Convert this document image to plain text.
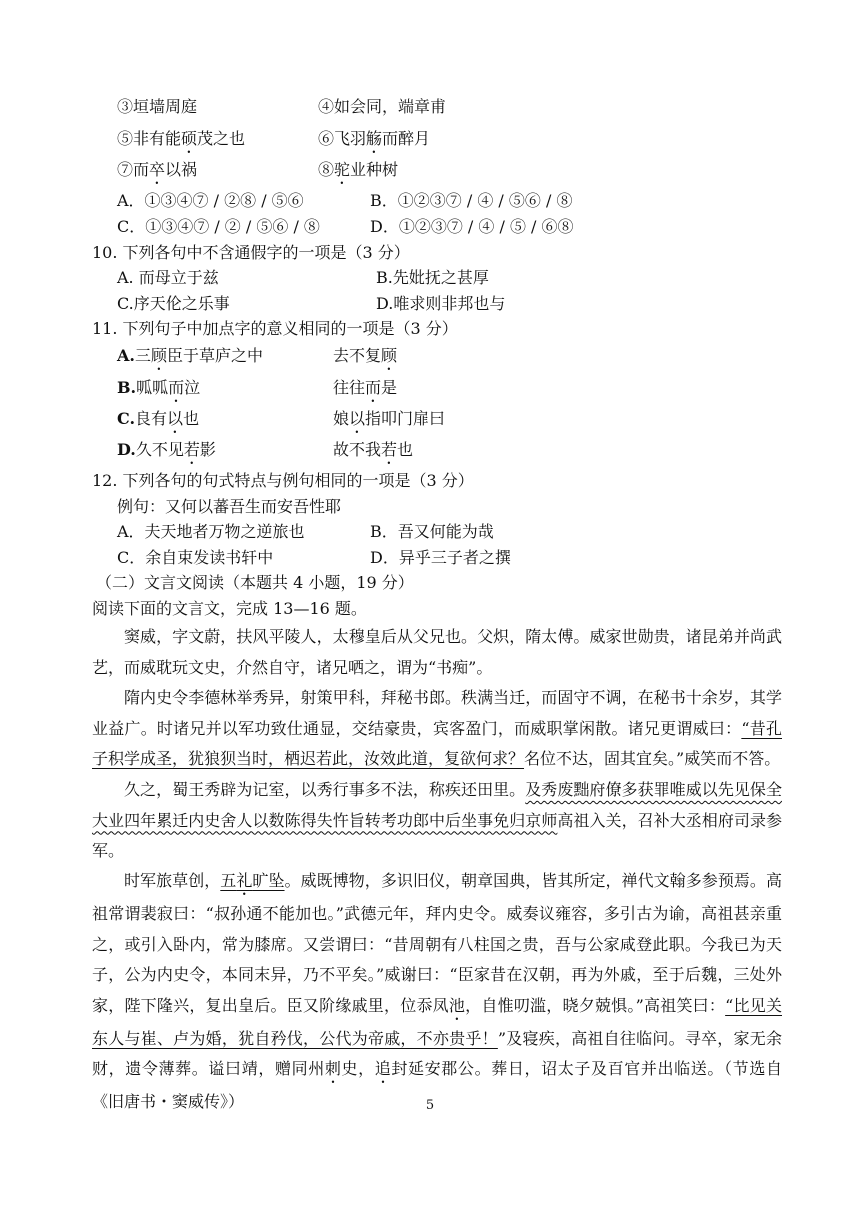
③垣墙周庭	④如会同，端章甫
⑤非有能硕茂之也	⑥飞羽觞而醉月
⑦而卒以祸	⑧驼业种树
A．①③④⑦ / ②⑧ / ⑤⑥	B．①②③⑦ / ④ / ⑤⑥ / ⑧
C．①③④⑦ / ② / ⑤⑥ / ⑧	D．①②③⑦ / ④ / ⑤ / ⑥⑧
10. 下列各句中不含通假字的一项是（3 分）
A. 而母立于兹	B.先妣抚之甚厚
C.序天伦之乐事	D.唯求则非邦也与
11. 下列句子中加点字的意义相同的一项是（3 分）
A.三顾臣于草庐之中	去不复顾
B.呱呱而泣	往往而是
C.良有以也	娘以指叩门扉曰
D.久不见若影	故不我若也
12. 下列各句的句式特点与例句相同的一项是（3 分）
例句：又何以蕃吾生而安吾性耶
A．夫天地者万物之逆旅也	B．吾又何能为哉
C．余自束发读书轩中	D．异乎三子者之撰
（二）文言文阅读（本题共 4 小题，19 分）
阅读下面的文言文，完成 13—16 题。
窦威，字文蔚，扶风平陵人，太穆皇后从父兄也。父炽，隋太傅。威家世勋贵，诸昆弟并尚武艺，而威耽玩文史，介然自守，诸兄哂之，谓为“书痴”。
隋内史令李德林举秀异，射策甲科，拜秘书郎。秩满当迁，而固守不调，在秘书十余岁，其学业益广。时诸兄并以军功致仕通显，交结豪贵，宾客盈门，而威职掌闲散。诸兄更谓威曰：“昔孔子积学成圣，犹狼狈当时，栖迟若此，汝效此道，复欲何求？名位不达，固其宜矣。”威笑而不答。
久之，蜀王秀辟为记室，以秀行事多不法，称疾还田里。及秀废黜府僚多获罪唯威以先见保全大业四年累迁内史舍人以数陈得失忤旨转考功郎中后坐事免归京师高祖入关，召补大丞相府司录参军。
时军旅草创，五礼旷坠。威既博物，多识旧仪，朝章国典，皆其所定，禅代文翰多参预焉。高祖常谓裴寂曰：“叔孙通不能加也。”武德元年，拜内史令。威奏议雍容，多引古为谕，高祖甚亲重之，或引入卧内，常为膝席。又尝谓曰：“昔周朝有八柱国之贵，吾与公家咸登此职。今我已为天子，公为内史令，本同末异，乃不平矣。”威谢曰：“臣家昔在汉朝，再为外戚，至于后魏，三处外家，陛下隆兴，复出皇后。臣又阶缘戚里，位忝凤池，自惟叨滥，晓夕兢惧。”高祖笑曰：“比见关东人与崔、卢为婚，犹自矜伐，公代为帝戚，不亦贵乎！”及寝疾，高祖自往临问。寻卒，家无余财，遗令薄葬。谥曰靖，赠同州刺史，追封延安郡公。葬日，诏太子及百官并出临送。（节选自《旧唐书・窦威传》）	5
